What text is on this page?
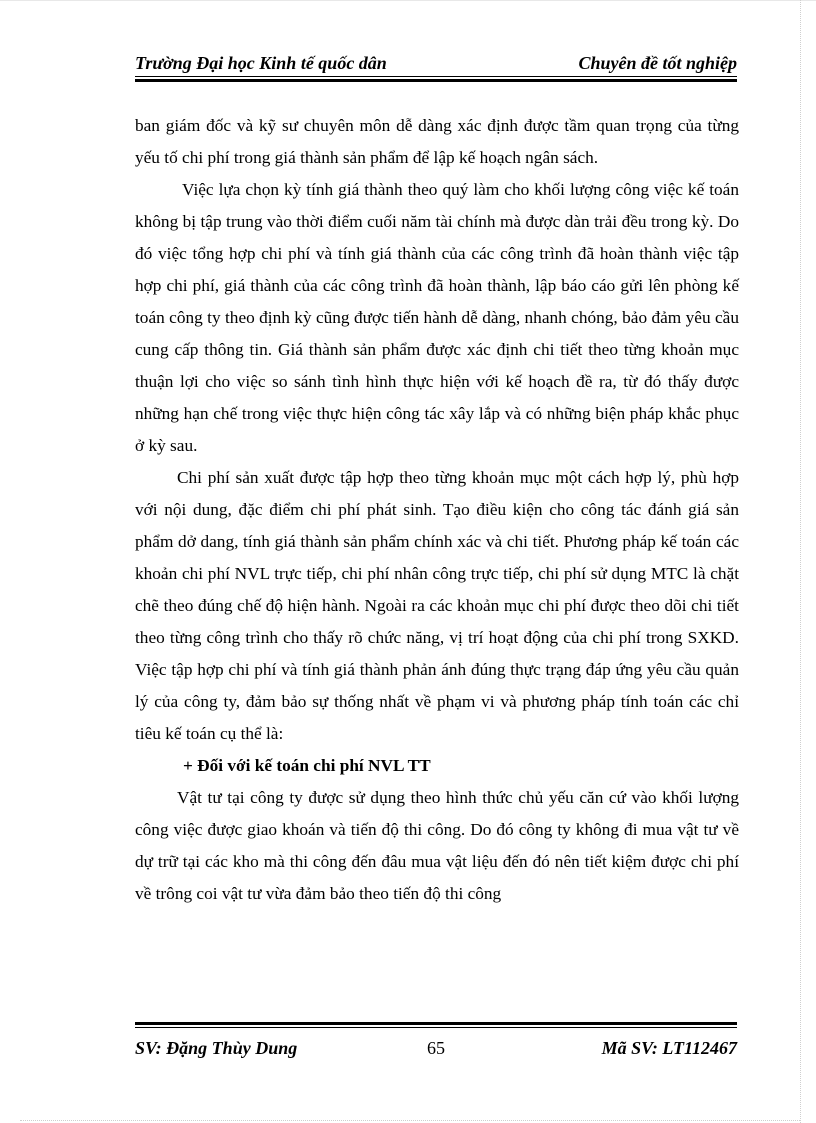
Trường Đại học Kinh tế quốc dân	Chuyên đề tốt nghiệp

ban giám đốc và kỹ sư chuyên môn dễ dàng xác định được tầm quan trọng của từng yếu tố chi phí trong giá thành sản phẩm để lập kế hoạch ngân sách.

Việc lựa chọn kỳ tính giá thành theo quý làm cho khối lượng công việc kế toán không bị tập trung vào thời điểm cuối năm tài chính mà được dàn trải đều trong kỳ. Do đó việc tổng hợp chi phí và tính giá thành của các công trình đã hoàn thành việc tập hợp chi phí, giá thành của các công trình đã hoàn thành, lập báo cáo gửi lên phòng kế toán công ty theo định kỳ cũng được tiến hành dễ dàng, nhanh chóng, bảo đảm yêu cầu cung cấp thông tin. Giá thành sản phẩm được xác định chi tiết theo từng khoản mục thuận lợi cho việc so sánh tình hình thực hiện với kế hoạch đề ra, từ đó thấy được những hạn chế trong việc thực hiện công tác xây lắp và có những biện pháp khắc phục ở kỳ sau.

Chi phí sản xuất được tập hợp theo từng khoản mục một cách hợp lý, phù hợp với nội dung, đặc điểm chi phí phát sinh. Tạo điều kiện cho công tác đánh giá sản phẩm dở dang, tính giá thành sản phẩm chính xác và chi tiết. Phương pháp kế toán các khoản chi phí NVL trực tiếp, chi phí nhân công trực tiếp, chi phí sử dụng MTC là chặt chẽ theo đúng chế độ hiện hành. Ngoài ra các khoản mục chi phí được theo dõi chi tiết theo từng công trình cho thấy rõ chức năng, vị trí hoạt động của chi phí trong SXKD. Việc tập hợp chi phí và tính giá thành phản ánh đúng thực trạng đáp ứng yêu cầu quản lý của công ty, đảm bảo sự thống nhất về phạm vi và phương pháp tính toán các chỉ tiêu kế toán cụ thể là:

+ Đối với kế toán chi phí NVL TT

Vật tư tại công ty được sử dụng theo hình thức chủ yếu căn cứ vào khối lượng công việc được giao khoán và tiến độ thi công. Do đó công ty không đi mua vật tư về dự trữ tại các kho mà thi công đến đâu mua vật liệu đến đó nên tiết kiệm được chi phí về trông coi vật tư vừa đảm bảo theo tiến độ thi công

SV: Đặng Thùy Dung	65	Mã SV: LT112467
